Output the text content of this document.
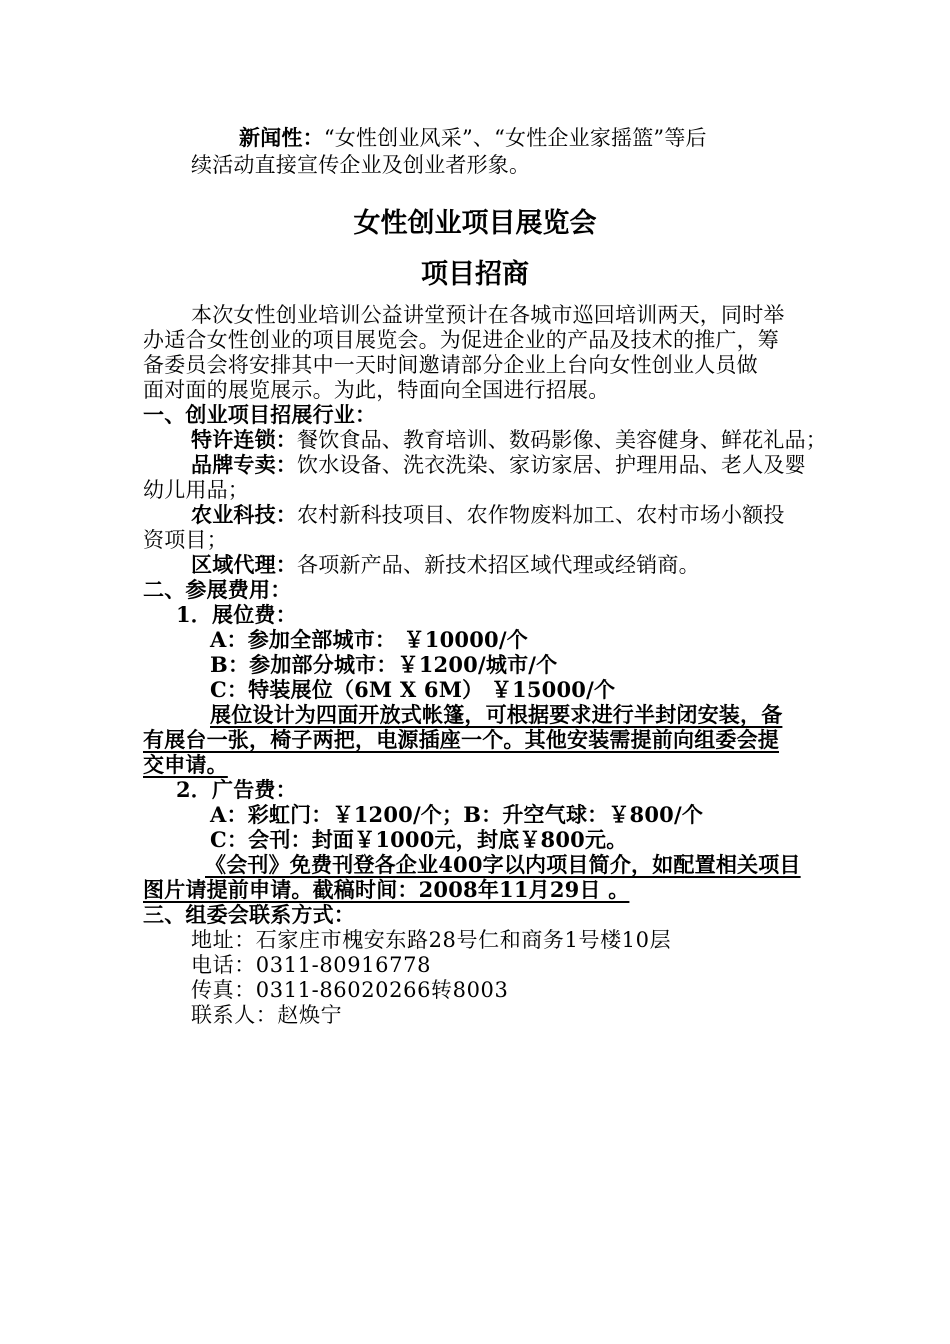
新闻性：“女性创业风采”、“女性企业家摇篮”等后
续活动直接宣传企业及创业者形象。
女性创业项目展览会
项目招商
本次女性创业培训公益讲堂预计在各城市巡回培训两天，同时举
办适合女性创业的项目展览会。为促进企业的产品及技术的推广，筹
备委员会将安排其中一天时间邀请部分企业上台向女性创业人员做
面对面的展览展示。为此，特面向全国进行招展。
一、创业项目招展行业：
特许连锁：餐饮食品、教育培训、数码影像、美容健身、鲜花礼品；
品牌专卖：饮水设备、洗衣洗染、家访家居、护理用品、老人及婴
幼儿用品；
农业科技：农村新科技项目、农作物废料加工、农村市场小额投
资项目；
区域代理：各项新产品、新技术招区域代理或经销商。
二、参展费用：
1．展位费：
A：参加全部城市： ￥10000/个
B：参加部分城市：￥1200/城市/个
C：特装展位（6M X 6M） ￥15000/个
展位设计为四面开放式帐篷，可根据要求进行半封闭安装，备
有展台一张，椅子两把，电源插座一个。其他安装需提前向组委会提
交申请。
2．广告费：
A：彩虹门：￥1200/个；B：升空气球：￥800/个
C：会刊：封面￥1000元，封底￥800元。
《会刊》免费刊登各企业400字以内项目简介，如配置相关项目
图片请提前申请。截稿时间：2008年11月29日 。
三、组委会联系方式：
地址：石家庄市槐安东路28号仁和商务1号楼10层
电话：0311-80916778
传真：0311-86020266转8003
联系人：赵焕宁
